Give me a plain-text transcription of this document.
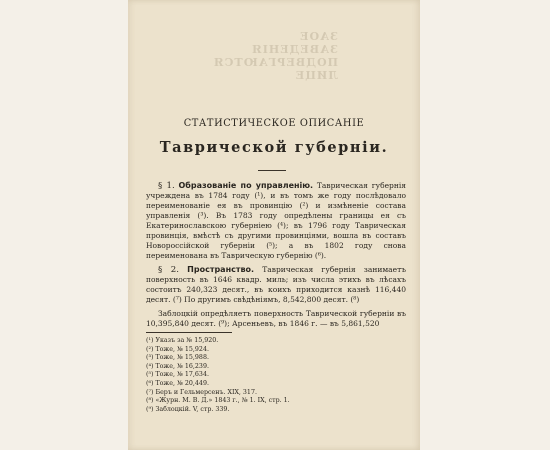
ЗАОЕ ЗАВЕДЕНІЯ
ПОДВЕРГАЮТСЯ
ЛИЦЕ
СТАТИСТИЧЕСКОЕ ОПИСАНІЕ
Таврической губерніи.

§ 1. Образованіе по управленію. Таврическая губернія учреждена въ 1784 году (¹), и въ томъ же году послѣдовало переименованіе ея въ провинцію (²) и измѣненіе состава управленія (³). Въ 1783 году опредѣлены границы ея съ Екатеринославскою губерніею (⁴); въ 1796 году Таврическая провинція, вмѣстѣ съ другими провинціями, вошла въ составъ Новороссійской губерніи (⁵); а въ 1802 году снова переименована въ Таврическую губернію (⁶).

§ 2. Пространство. Таврическая губернія занимаетъ поверхность въ 1646 квадр. миль; изъ числа этихъ въ лѣсахъ состоитъ 240,323 десят., въ коихъ приходится казнѣ 116,440 десят. (⁷) По другимъ свѣдѣніямъ, 8,542,800 десят. (⁸)

Заблоцкій опредѣляетъ поверхность Таврической губерніи въ 10,395,840 десят. (⁹); Арсеньевъ, въ 1846 г. — въ 5,861,520

(¹) Указъ за № 15,920.
(²) Тоже, № 15,924.
(³) Тоже, № 15,988.
(⁴) Тоже, № 16,239.
(⁵) Тоже, № 17,634.
(⁶) Тоже, № 20,449.
(⁷) Беръ и Гельмерсенъ. XIX, 317.
(⁸) «Журн. М. В. Д.» 1843 г., № 1. IX, стр. 1.
(⁹) Заблоцкій. V, стр. 339.
